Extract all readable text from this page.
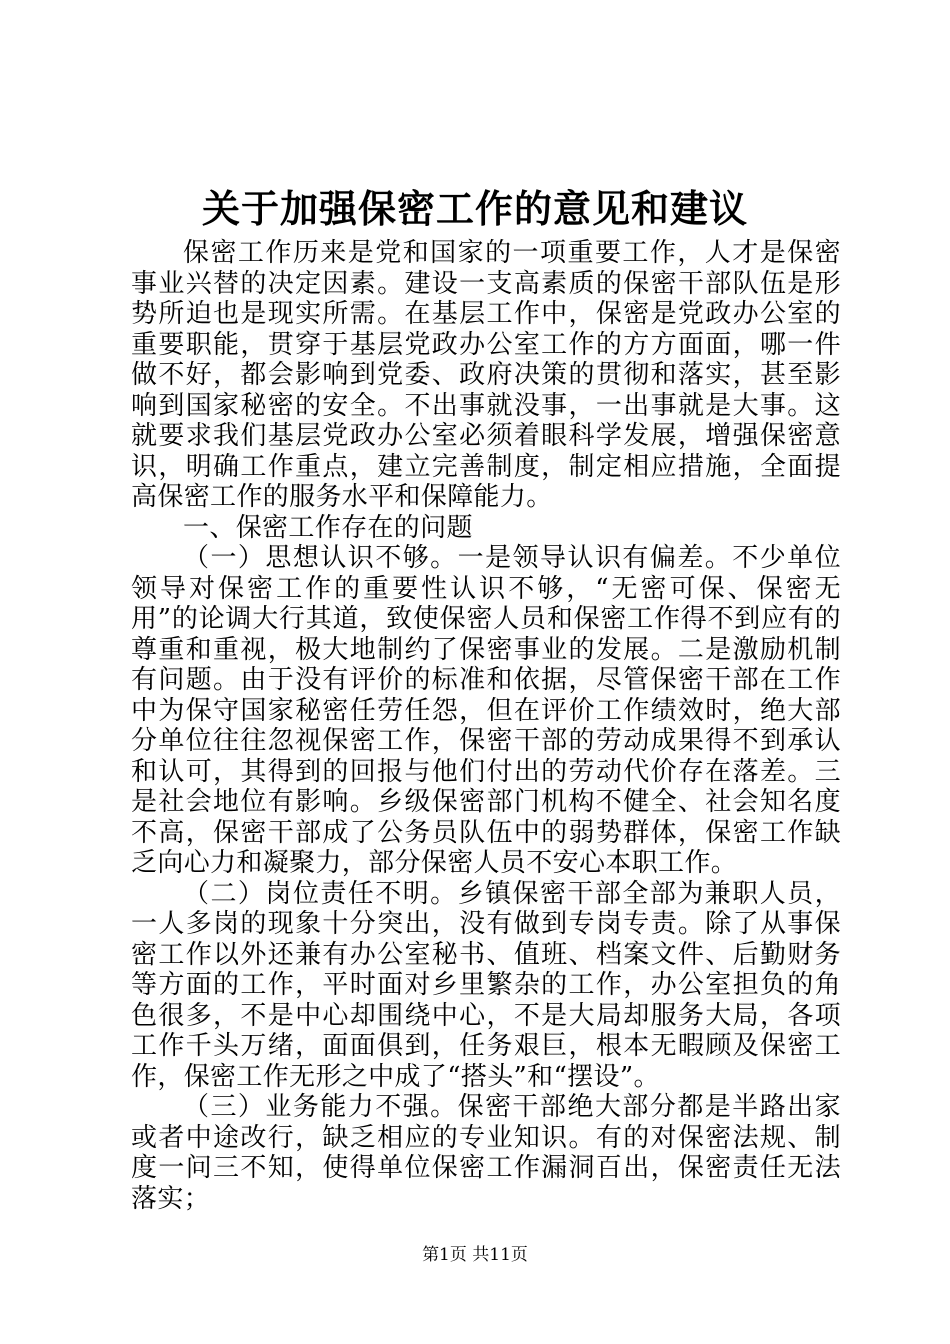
关于加强保密工作的意见和建议

保密工作历来是党和国家的一项重要工作，人才是保密事业兴替的决定因素。建设一支高素质的保密干部队伍是形势所迫也是现实所需。在基层工作中，保密是党政办公室的重要职能，贯穿于基层党政办公室工作的方方面面，哪一件做不好，都会影响到党委、政府决策的贯彻和落实，甚至影响到国家秘密的安全。不出事就没事，一出事就是大事。这就要求我们基层党政办公室必须着眼科学发展，增强保密意识，明确工作重点，建立完善制度，制定相应措施，全面提高保密工作的服务水平和保障能力。

一、保密工作存在的问题

（一）思想认识不够。一是领导认识有偏差。不少单位领导对保密工作的重要性认识不够，“无密可保、保密无用”的论调大行其道，致使保密人员和保密工作得不到应有的尊重和重视，极大地制约了保密事业的发展。二是激励机制有问题。由于没有评价的标准和依据，尽管保密干部在工作中为保守国家秘密任劳任怨，但在评价工作绩效时，绝大部分单位往往忽视保密工作，保密干部的劳动成果得不到承认和认可，其得到的回报与他们付出的劳动代价存在落差。三是社会地位有影响。乡级保密部门机构不健全、社会知名度不高，保密干部成了公务员队伍中的弱势群体，保密工作缺乏向心力和凝聚力，部分保密人员不安心本职工作。

（二）岗位责任不明。乡镇保密干部全部为兼职人员，一人多岗的现象十分突出，没有做到专岗专责。除了从事保密工作以外还兼有办公室秘书、值班、档案文件、后勤财务等方面的工作，平时面对乡里繁杂的工作，办公室担负的角色很多，不是中心却围绕中心，不是大局却服务大局，各项工作千头万绪，面面俱到，任务艰巨，根本无暇顾及保密工作，保密工作无形之中成了“搭头”和“摆设”。

（三）业务能力不强。保密干部绝大部分都是半路出家或者中途改行，缺乏相应的专业知识。有的对保密法规、制度一问三不知，使得单位保密工作漏洞百出，保密责任无法落实；

第1页 共11页
